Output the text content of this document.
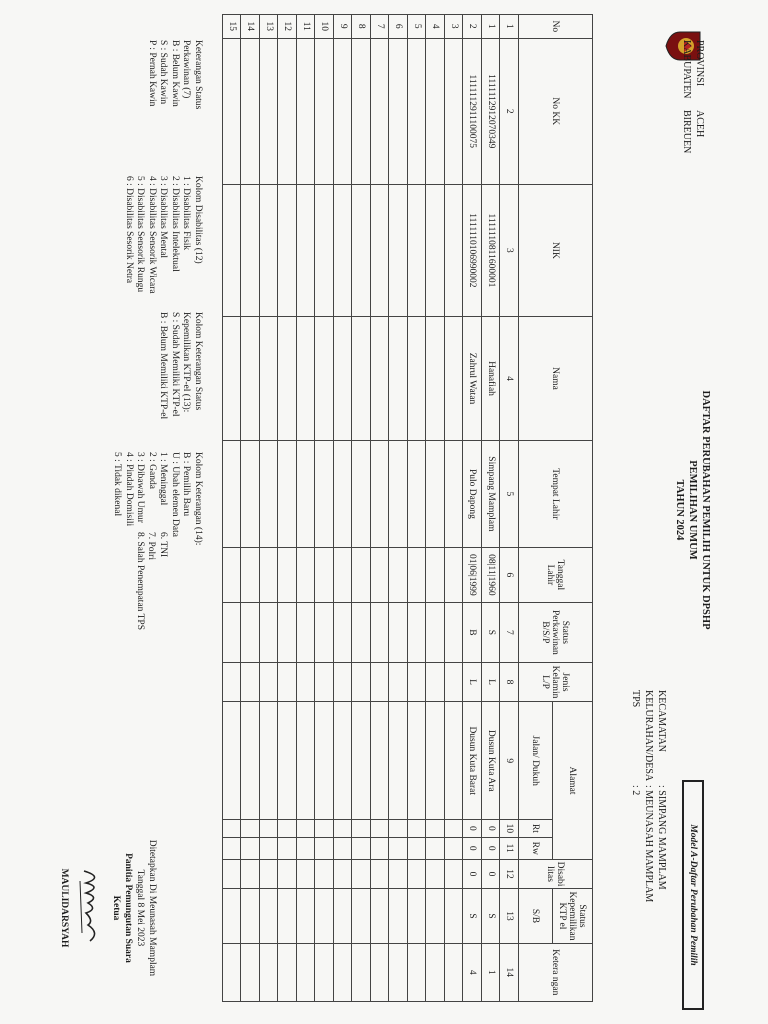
PROVINSI
ACEH
KABUPATEN
BIREUEN
DAFTAR PERUBAHAN PEMILIH UNTUK DPSHP
PEMILIHAN UMUM
TAHUN 2024
KECAMATAN
: SIMPANG MAMPLAM
KELURAHAN/DESA
: MEUNASAH MAMPLAM
TPS
: 2
Model A-Daftar Perubahan Pemilih
No	No KK	NIK	Nama	Tempat Lahir	Tanggal Lahir	Status Perkawinan B/S/P	Jenis Kelamin L/P	Alamat			Disabi litas	Status Kepemilikan KTP el	Ketera ngan
								Jalan/ Dukuh	Rt	Rw		S/B	
1	2	3	4	5	6	7	8	9	10	11	12	13	14
1	1111112912070349	1111110811600001	Hanafiah	Simpang Mamplam	08|11|1960	S	L	Dusun Kuta Ara	0	0	0	S	1
2	1111112911100075	1111110106990002	Zahrul Watan	Pulo Dapong	01|06|1999	B	L	Dusun Kuta Barat	0	0	0	S	4
3													
4													
5													
6													
7													
8													
9													
10													
11													
12													
13													
14													
15													
Keterangan Status
Perkawinan (7)
B : Belum Kawin
S : Sudah Kawin
P : Pernah Kawin
Kolom Disabilitas (12)
1 : Disabilitas Fisik
2 : Disabilitas Intelektual
3 : Disabilitas Mental
4 : Disabilitas Sensorik Wicara
5 : Disabilitas Sensorik Rungu
6 : Disabilitas Sesorik Netra
Kolom Keterangan Status
Kepemilikan KTP-el (13):
S : Sudah Memiliki KTP-el
B : Belum Memiliki KTP-el
Kolom Keterangan (14):
B : Pemilih Baru
U : Ubah elemen Data
1 : Meninggal
2 : Ganda
3 : Dibawah Umur
4 : Pindah Domisili
5 : Tidak dikenal
6. TNI
7. Polri
8. Salah Penempatan TPS
Ditetapkan Di Meunasah Mamplam
Tanggal 8 Mei 2023
Panitia Pemungutan Suara
Ketua
MAULIDARSYAH
